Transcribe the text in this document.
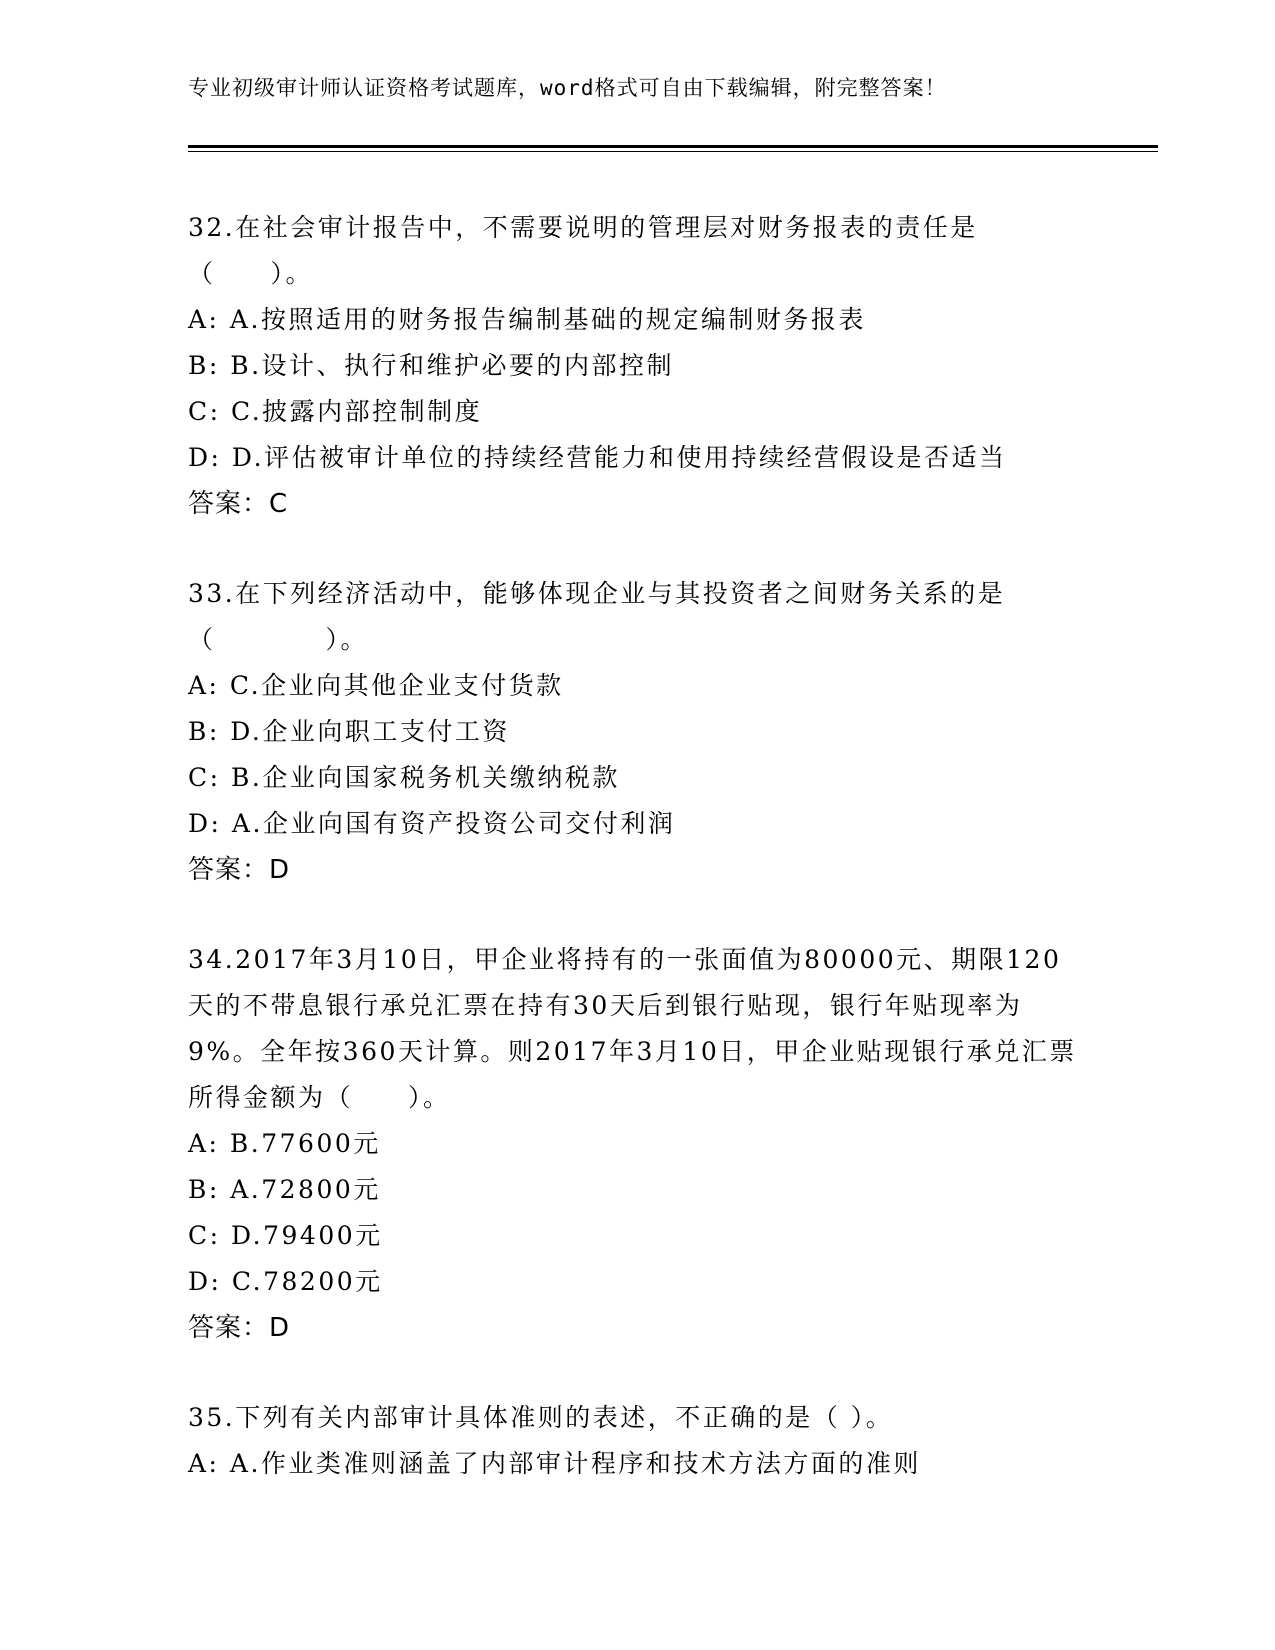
专业初级审计师认证资格考试题库，word格式可自由下载编辑，附完整答案！
32.在社会审计报告中，不需要说明的管理层对财务报表的责任是（　　）。
A: A.按照适用的财务报告编制基础的规定编制财务报表
B: B.设计、执行和维护必要的内部控制
C: C.披露内部控制制度
D: D.评估被审计单位的持续经营能力和使用持续经营假设是否适当
答案：C
33.在下列经济活动中，能够体现企业与其投资者之间财务关系的是（　　　　）。
A: C.企业向其他企业支付货款
B: D.企业向职工支付工资
C: B.企业向国家税务机关缴纳税款
D: A.企业向国有资产投资公司交付利润
答案：D
34.2017年3月10日，甲企业将持有的一张面值为80000元、期限120天的不带息银行承兑汇票在持有30天后到银行贴现，银行年贴现率为9%。全年按360天计算。则2017年3月10日，甲企业贴现银行承兑汇票所得金额为（　　）。
A: B.77600元
B: A.72800元
C: D.79400元
D: C.78200元
答案：D
35.下列有关内部审计具体准则的表述，不正确的是（ ）。
A: A.作业类准则涵盖了内部审计程序和技术方法方面的准则
